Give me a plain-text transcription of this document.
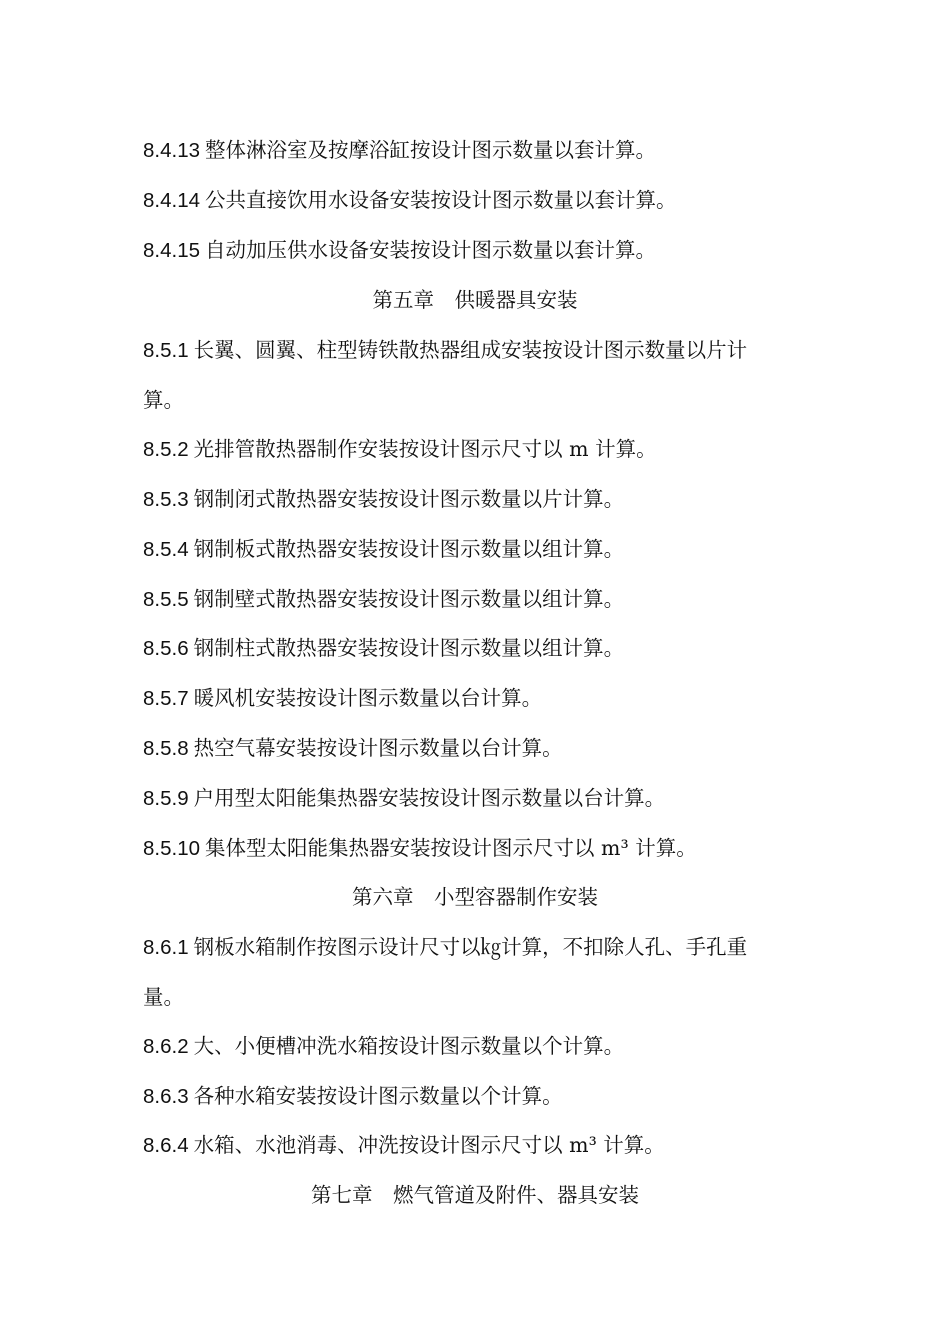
8.4.13 整体淋浴室及按摩浴缸按设计图示数量以套计算。
8.4.14 公共直接饮用水设备安装按设计图示数量以套计算。
8.4.15 自动加压供水设备安装按设计图示数量以套计算。
第五章　供暖器具安装
8.5.1 长翼、圆翼、柱型铸铁散热器组成安装按设计图示数量以片计
算。
8.5.2 光排管散热器制作安装按设计图示尺寸以 m 计算。
8.5.3 钢制闭式散热器安装按设计图示数量以片计算。
8.5.4 钢制板式散热器安装按设计图示数量以组计算。
8.5.5 钢制壁式散热器安装按设计图示数量以组计算。
8.5.6 钢制柱式散热器安装按设计图示数量以组计算。
8.5.7 暖风机安装按设计图示数量以台计算。
8.5.8 热空气幕安装按设计图示数量以台计算。
8.5.9 户用型太阳能集热器安装按设计图示数量以台计算。
8.5.10 集体型太阳能集热器安装按设计图示尺寸以 m³ 计算。
第六章　小型容器制作安装
8.6.1 钢板水箱制作按图示设计尺寸以㎏计算，不扣除人孔、手孔重
量。
8.6.2 大、小便槽冲洗水箱按设计图示数量以个计算。
8.6.3 各种水箱安装按设计图示数量以个计算。
8.6.4 水箱、水池消毒、冲洗按设计图示尺寸以 m³ 计算。
第七章　燃气管道及附件、器具安装
